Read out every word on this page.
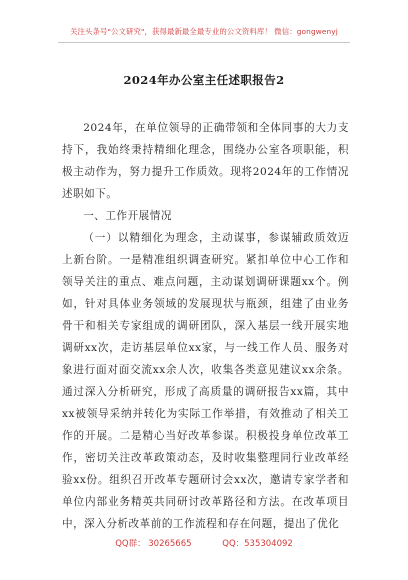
关注头条号"公文研究"，获得最新最全最专业的公文资料库！ 微信：gongwenyj
2024年办公室主任述职报告2

2024年，在单位领导的正确带领和全体同事的大力支持下，我始终秉持精细化理念，围绕办公室各项职能，积极主动作为，努力提升工作质效。现将2024年的工作情况述职如下。

一、工作开展情况

（一）以精细化为理念，主动谋事，参谋辅政质效迈上新台阶。一是精准组织调查研究。紧扣单位中心工作和领导关注的重点、难点问题，主动谋划调研课题xx个。例如，针对具体业务领域的发展现状与瓶颈，组建了由业务骨干和相关专家组成的调研团队，深入基层一线开展实地调研xx次，走访基层单位xx家，与一线工作人员、服务对象进行面对面交流xx余人次，收集各类意见建议xx余条。通过深入分析研究，形成了高质量的调研报告xx篇，其中xx被领导采纳并转化为实际工作举措，有效推动了相关工作的开展。二是精心当好改革参谋。积极投身单位改革工作，密切关注改革政策动态，及时收集整理同行业改革经验xx份。组织召开改革专题研讨会xx次，邀请专家学者和单位内部业务精英共同研讨改革路径和方法。在改革项目中，深入分析改革前的工作流程和存在问题，提出了优化

QQ群： 30265665	QQ：535304092
